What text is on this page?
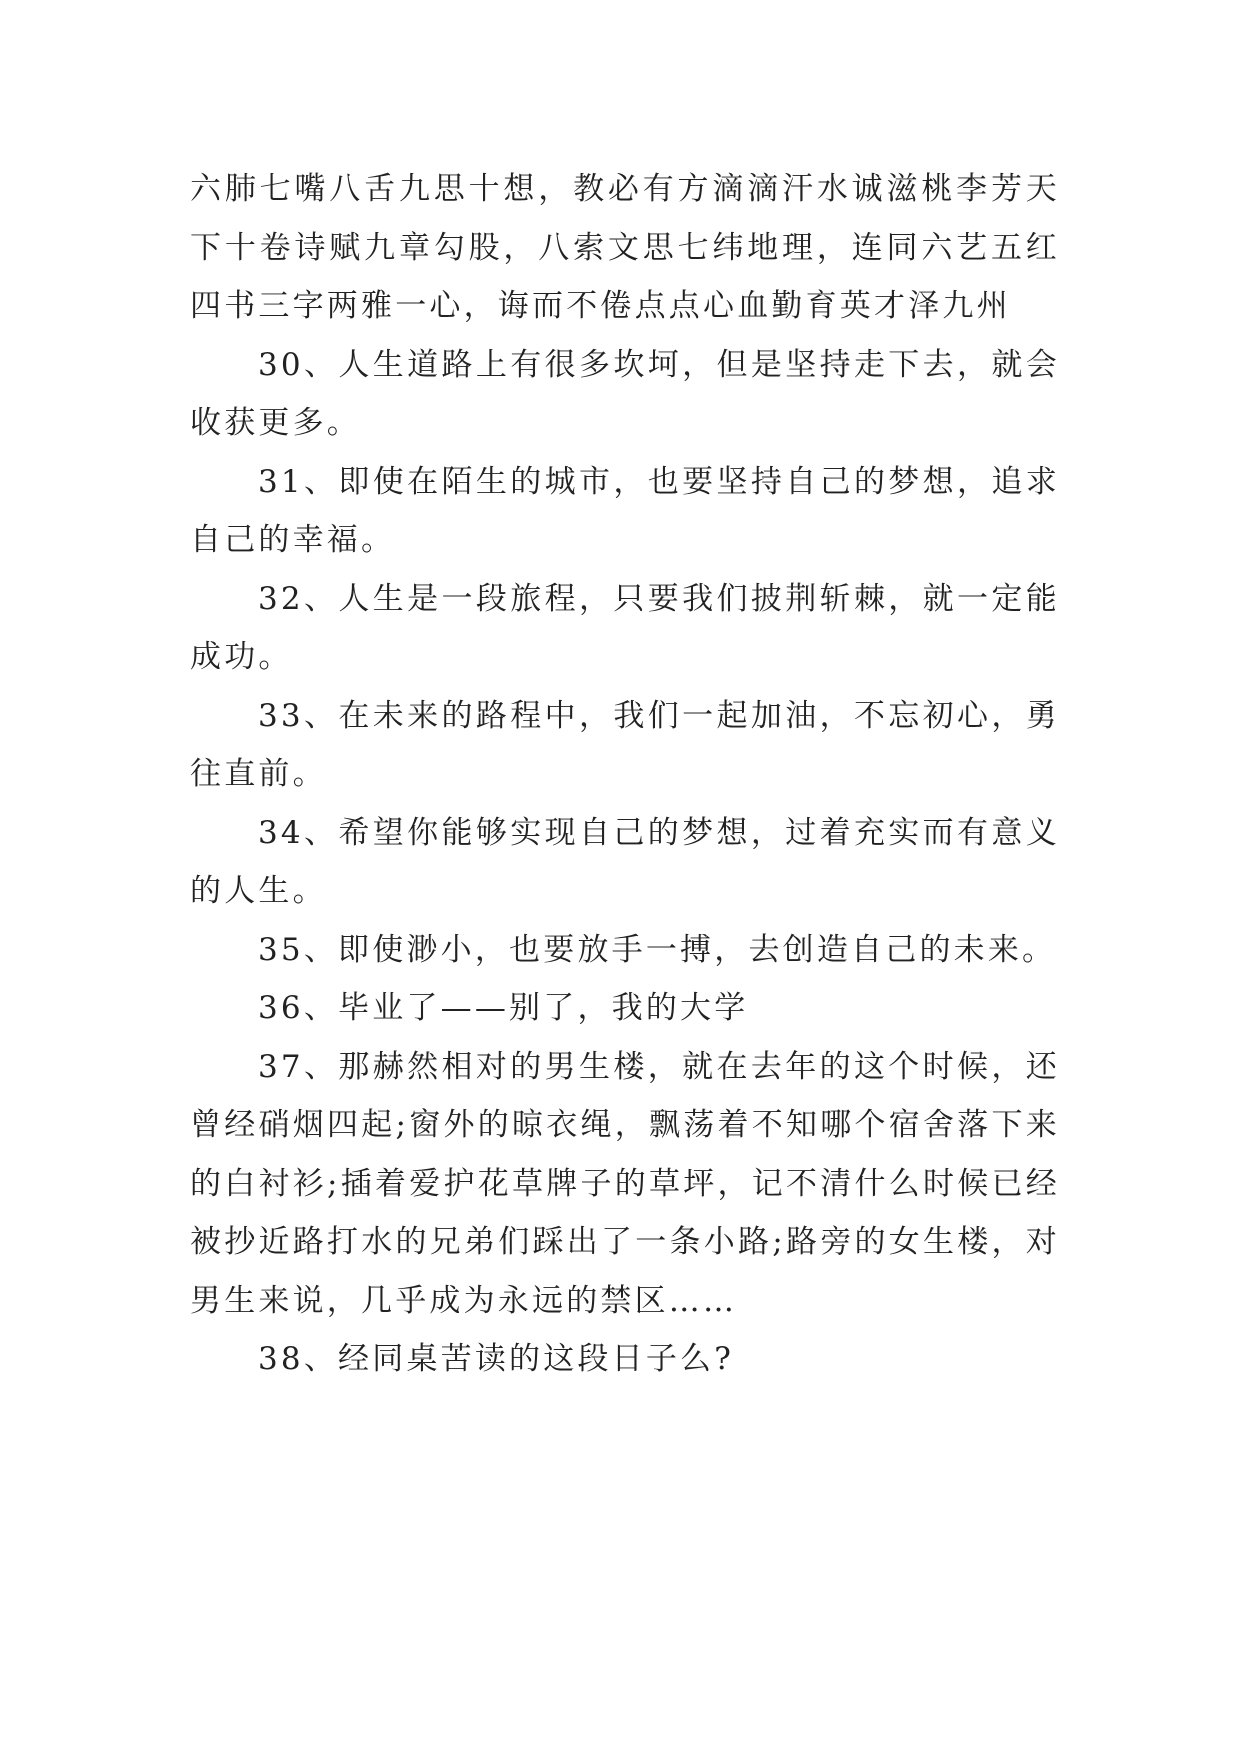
六肺七嘴八舌九思十想，教必有方滴滴汗水诚滋桃李芳天下十卷诗赋九章勾股，八索文思七纬地理，连同六艺五红四书三字两雅一心，诲而不倦点点心血勤育英才泽九州

30、人生道路上有很多坎坷，但是坚持走下去，就会收获更多。

31、即使在陌生的城市，也要坚持自己的梦想，追求自己的幸福。

32、人生是一段旅程，只要我们披荆斩棘，就一定能成功。

33、在未来的路程中，我们一起加油，不忘初心，勇往直前。

34、希望你能够实现自己的梦想，过着充实而有意义的人生。

35、即使渺小，也要放手一搏，去创造自己的未来。

36、毕业了——别了，我的大学

37、那赫然相对的男生楼，就在去年的这个时候，还曾经硝烟四起;窗外的晾衣绳，飘荡着不知哪个宿舍落下来的白衬衫;插着爱护花草牌子的草坪，记不清什么时候已经被抄近路打水的兄弟们踩出了一条小路;路旁的女生楼，对男生来说，几乎成为永远的禁区……

38、经同桌苦读的这段日子么?
